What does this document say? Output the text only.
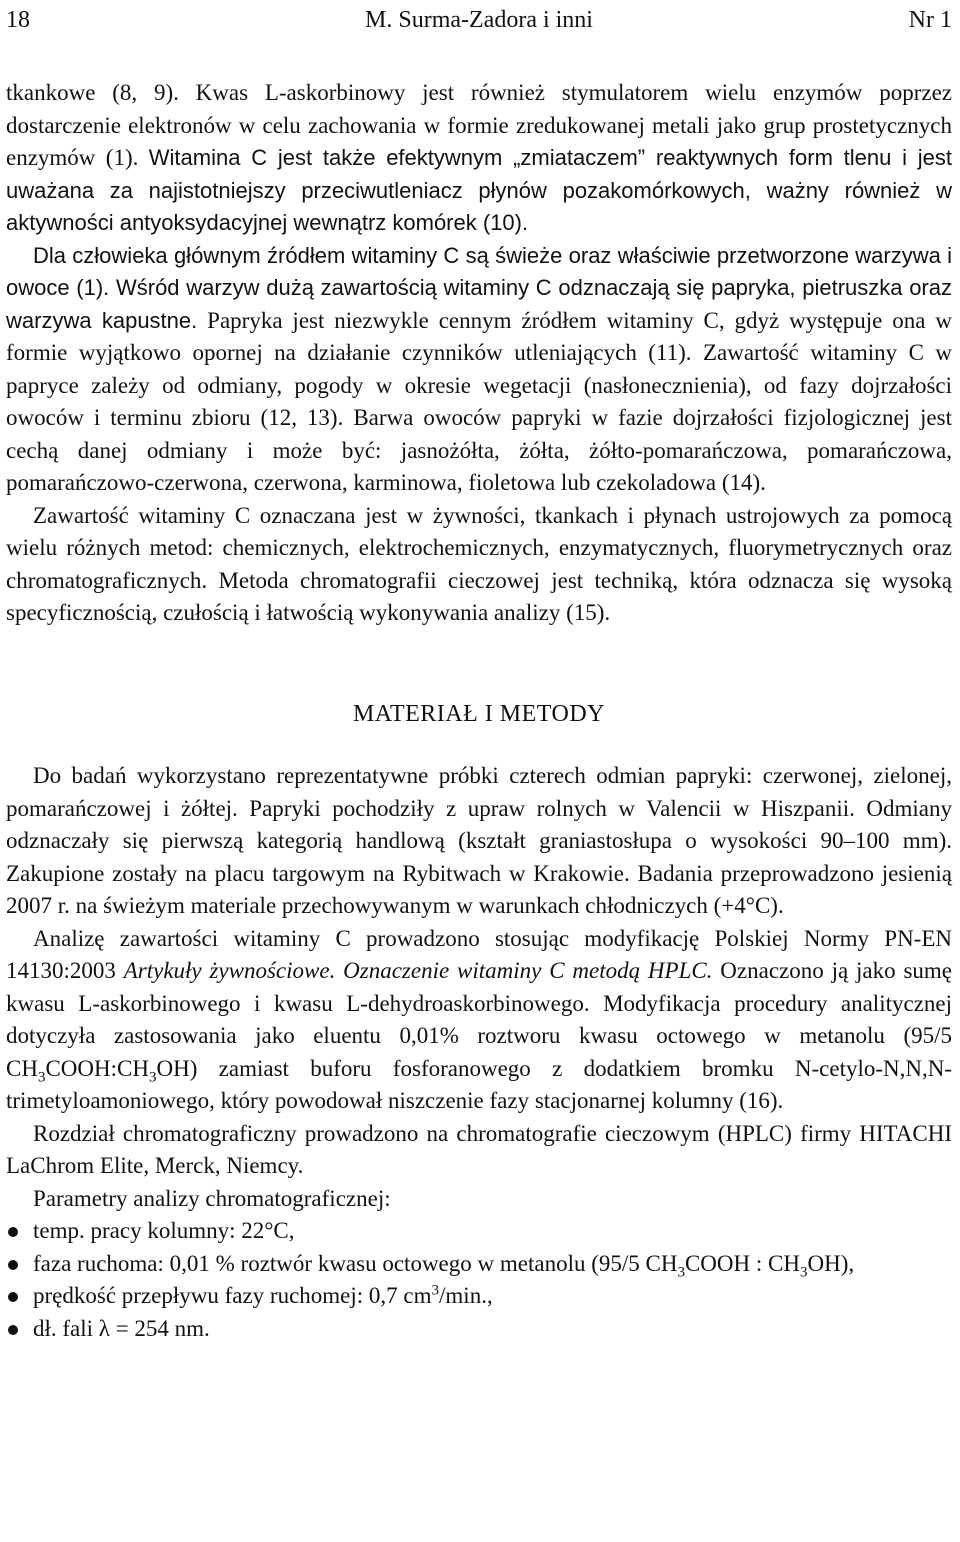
18	M. Surma-Zadora i inni	Nr 1

tkankowe (8, 9). Kwas L-askorbinowy jest również stymulatorem wielu enzymów poprzez dostarczenie elektronów w celu zachowania w formie zredukowanej metali jako grup prostetycznych enzymów (1). Witamina C jest także efektywnym „zmiataczem” reaktywnych form tlenu i jest uważana za najistotniejszy przeciwutleniacz płynów pozakomórkowych, ważny również w aktywności antyoksydacyjnej wewnątrz komórek (10).

Dla człowieka głównym źródłem witaminy C są świeże oraz właściwie przetworzone warzywa i owoce (1). Wśród warzyw dużą zawartością witaminy C odznaczają się papryka, pietruszka oraz warzywa kapustne. Papryka jest niezwykle cennym źródłem witaminy C, gdyż występuje ona w formie wyjątkowo opornej na działanie czynników utleniających (11). Zawartość witaminy C w papryce zależy od odmiany, pogody w okresie wegetacji (nasłonecznienia), od fazy dojrzałości owoców i terminu zbioru (12, 13). Barwa owoców papryki w fazie dojrzałości fizjologicznej jest cechą danej odmiany i może być: jasnożółta, żółta, żółto-pomarańczowa, pomarańczowa, pomarańczowo-czerwona, czerwona, karminowa, fioletowa lub czekoladowa (14).

Zawartość witaminy C oznaczana jest w żywności, tkankach i płynach ustrojowych za pomocą wielu różnych metod: chemicznych, elektrochemicznych, enzymatycznych, fluorymetrycznych oraz chromatograficznych. Metoda chromatografii cieczowej jest techniką, która odznacza się wysoką specyficznością, czułością i łatwością wykonywania analizy (15).

MATERIAŁ I METODY

Do badań wykorzystano reprezentatywne próbki czterech odmian papryki: czerwonej, zielonej, pomarańczowej i żółtej. Papryki pochodziły z upraw rolnych w Valencii w Hiszpanii. Odmiany odznaczały się pierwszą kategorią handlową (kształt graniastosłupa o wysokości 90–100 mm). Zakupione zostały na placu targowym na Rybitwach w Krakowie. Badania przeprowadzono jesienią 2007 r. na świeżym materiale przechowywanym w warunkach chłodniczych (+4°C).

Analizę zawartości witaminy C prowadzono stosując modyfikację Polskiej Normy PN-EN 14130:2003 Artykuły żywnościowe. Oznaczenie witaminy C metodą HPLC. Oznaczono ją jako sumę kwasu L-askorbinowego i kwasu L-dehydroaskorbinowego. Modyfikacja procedury analitycznej dotyczyła zastosowania jako eluentu 0,01% roztworu kwasu octowego w metanolu (95/5 $CH_3COOH:CH_3OH$) zamiast buforu fosforanowego z dodatkiem bromku N-cetylo-N,N,N-trimetyloamoniowego, który powodował niszczenie fazy stacjonarnej kolumny (16).

Rozdział chromatograficzny prowadzono na chromatografie cieczowym (HPLC) firmy HITACHI LaChrom Elite, Merck, Niemcy.

Parametry analizy chromatograficznej:

temp. pracy kolumny: 22°C,
faza ruchoma: 0,01 % roztwór kwasu octowego w metanolu (95/5 $CH_3COOH$ : $CH_3OH$),
prędkość przepływu fazy ruchomej: 0,7 $cm^3/\min$.,
dł. fali λ = 254 nm.
